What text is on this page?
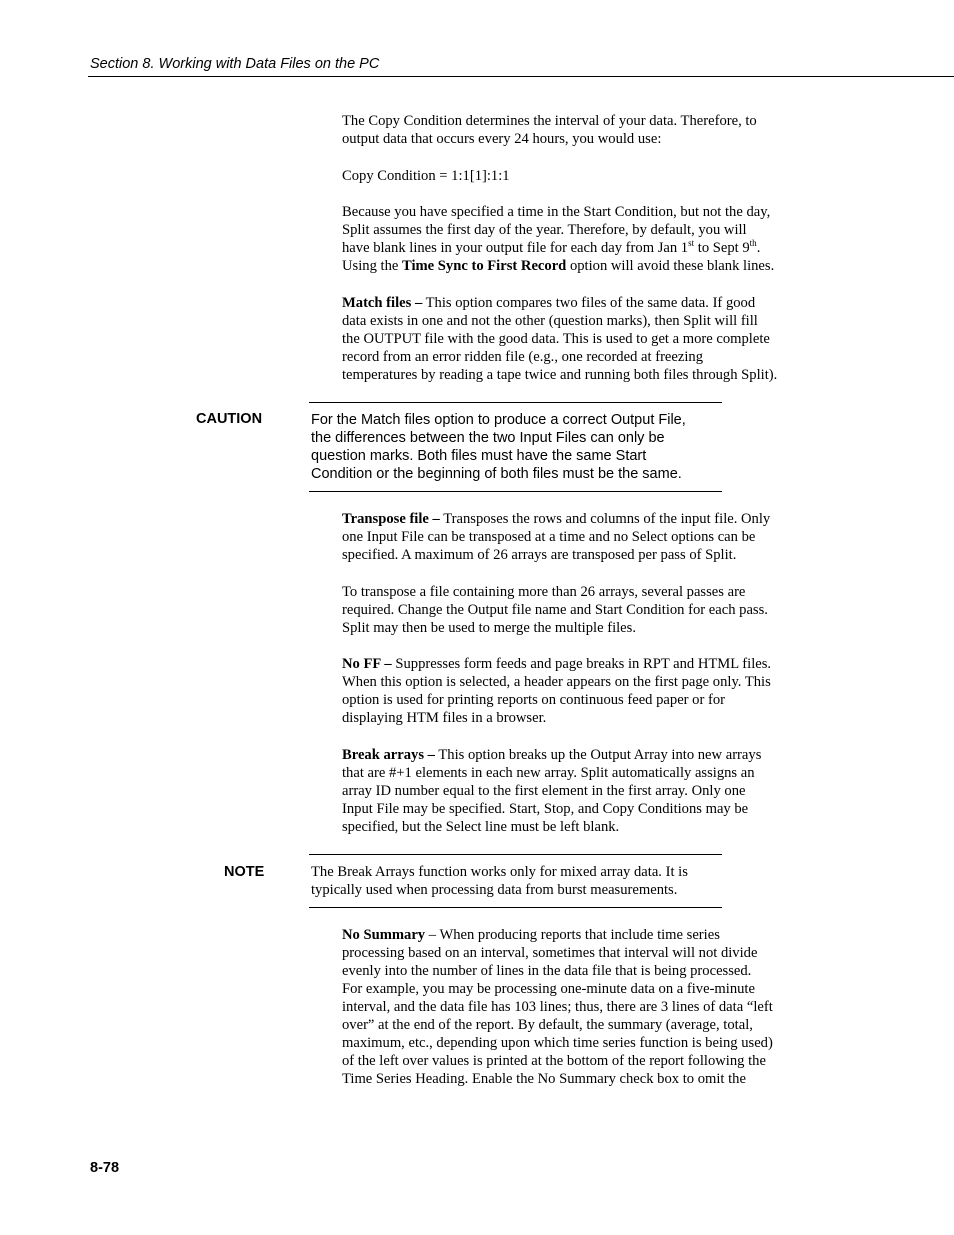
Section 8. Working with Data Files on the PC

The Copy Condition determines the interval of your data. Therefore, to

output data that occurs every 24 hours, you would use:

Copy Condition = 1:1[1]:1:1

Because you have specified a time in the Start Condition, but not the day,

Split assumes the first day of the year. Therefore, by default, you will

have blank lines in your output file for each day from Jan 1st to Sept 9th.

Using the Time Sync to First Record option will avoid these blank lines.

Match files – This option compares two files of the same data. If good

data exists in one and not the other (question marks), then Split will fill

the OUTPUT file with the good data. This is used to get a more complete

record from an error ridden file (e.g., one recorded at freezing

temperatures by reading a tape twice and running both files through Split).

CAUTION	For the Match files option to produce a correct Output File,

the differences between the two Input Files can only be

question marks. Both files must have the same Start

Condition or the beginning of both files must be the same.

Transpose file – Transposes the rows and columns of the input file. Only

one Input File can be transposed at a time and no Select options can be

specified. A maximum of 26 arrays are transposed per pass of Split.

To transpose a file containing more than 26 arrays, several passes are

required. Change the Output file name and Start Condition for each pass.

Split may then be used to merge the multiple files.

No FF – Suppresses form feeds and page breaks in RPT and HTML files.

When this option is selected, a header appears on the first page only. This

option is used for printing reports on continuous feed paper or for

displaying HTM files in a browser.

Break arrays – This option breaks up the Output Array into new arrays

that are #+1 elements in each new array. Split automatically assigns an

array ID number equal to the first element in the first array. Only one

Input File may be specified. Start, Stop, and Copy Conditions may be

specified, but the Select line must be left blank.

NOTE	The Break Arrays function works only for mixed array data. It is

typically used when processing data from burst measurements.

No Summary – When producing reports that include time series

processing based on an interval, sometimes that interval will not divide

evenly into the number of lines in the data file that is being processed.

For example, you may be processing one-minute data on a five-minute

interval, and the data file has 103 lines; thus, there are 3 lines of data “left

over” at the end of the report. By default, the summary (average, total,

maximum, etc., depending upon which time series function is being used)

of the left over values is printed at the bottom of the report following the

Time Series Heading. Enable the No Summary check box to omit the

8-78
